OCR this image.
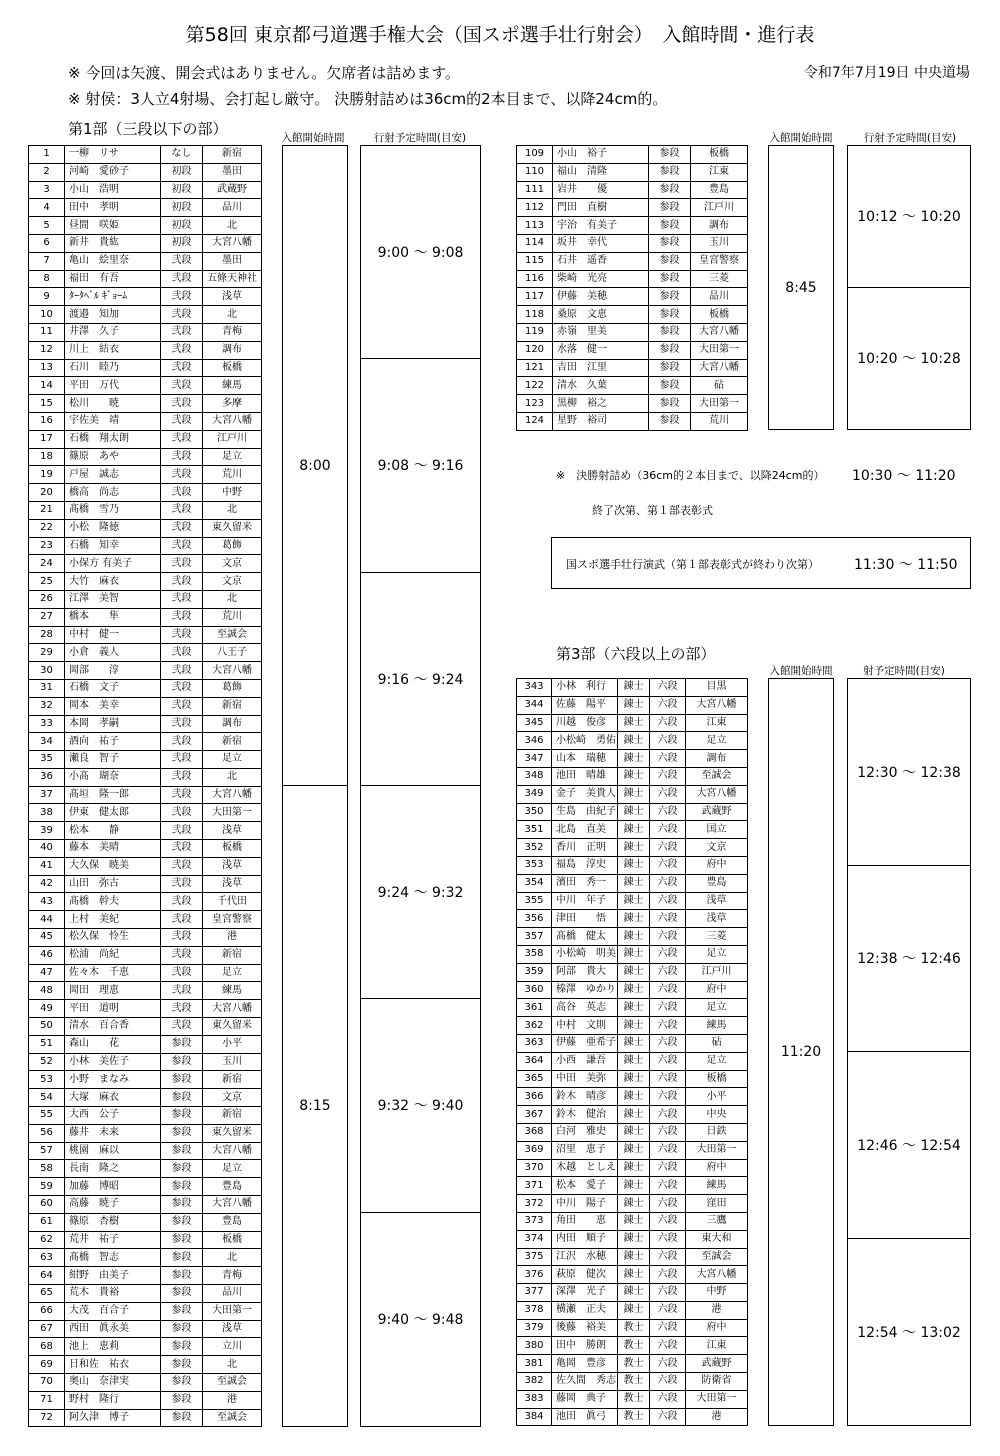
第58回 東京都弓道選手権大会（国スポ選手壮行射会）　入館時間・進行表
※ 今回は矢渡、開会式はありません。欠席者は詰めます。
※ 射侯：3人立4射場、会打起し厳守。 決勝射詰めは36cm的2本目まで、以降24cm的。
令和7年7月19日 中央道場
第1部（三段以下の部）	入館開始時間	行射予定時間(目安)
1	一柳　リサ	なし	新宿
2	河崎　愛砂子	初段	墨田
3	小山　浩明	初段	武蔵野
4	田中　孝明	初段	品川
5	昼間　咲姫	初段	北
6	新井　貴紘	初段	大宮八幡
7	亀山　絵里奈	弐段	墨田
8	福田　有吾	弐段	五條天神社
9	ﾀｰﾀﾍﾞﾙ ｷﾞｮｰﾑ	弐段	浅草
10	渡邉　知加	弐段	北
11	井澤　久子	弐段	青梅
12	川上　結衣	弐段	調布
13	石川　睦乃	弐段	板橋
14	平田　万代	弐段	練馬
15	松川　　暁	弐段	多摩
16	宇佐美　靖	弐段	大宮八幡
17	石橋　翔太朗	弐段	江戸川
18	篠原　あや	弐段	足立
19	戸屋　誠志	弐段	荒川
20	橋高　尚志	弐段	中野
21	髙橋　雪乃	弐段	北
22	小松　隆徳	弐段	東久留米
23	石橋　知幸	弐段	葛飾
24	小保方 有美子	弐段	文京
25	大竹　麻衣	弐段	文京
26	江澤　美智	弐段	北
27	橋本　　隼	弐段	荒川
28	中村　健一	弐段	至誠会
29	小倉　義人	弐段	八王子
30	岡部　　淳	弐段	大宮八幡
31	石橋　文子	弐段	葛飾
32	岡本　美幸	弐段	新宿
33	本岡　孝嗣	弐段	調布
34	酒向　祐子	弐段	新宿
35	瀬良　智子	弐段	足立
36	小髙　瑚奈	弐段	北
37	髙垣　隆一郎	弐段	大宮八幡
38	伊東　健太郎	弐段	大田第一
39	松本　　静	弐段	浅草
40	藤本　美晴	弐段	板橋
41	大久保　暁美	弐段	浅草
42	山田　弥古	弐段	浅草
43	髙橋　幹夫	弐段	千代田
44	上村　美紀	弐段	皇宮警察
45	松久保　怜生	弐段	港
46	松浦　尚紀	弐段	新宿
47	佐々木　千恵	弐段	足立
48	岡田　理恵	弐段	練馬
49	平田　道明	弐段	大宮八幡
50	清水　百合香	弐段	東久留米
51	森山　　花	参段	小平
52	小林　美佐子	参段	玉川
53	小野　まなみ	参段	新宿
54	大塚　麻衣	参段	文京
55	大西　公子	参段	新宿
56	藤井　未来	参段	東久留米
57	桃園　麻以	参段	大宮八幡
58	長南　隆之	参段	足立
59	加藤　博昭	参段	豊島
60	高藤　暁子	参段	大宮八幡
61	篠原　杏樹	参段	豊島
62	荒井　祐子	参段	板橋
63	髙橋　智志	参段	北
64	紺野　由美子	参段	青梅
65	荒木　貴裕	参段	品川
66	大茂　百合子	参段	大田第一
67	西田　眞永美	参段	浅草
68	池上　恵莉	参段	立川
69	日和佐　祐衣	参段	北
70	奥山　奈津実	参段	至誠会
71	野村　隆行	参段	港
72	阿久津　博子	参段	至誠会
8:00
8:15
9:00 ～ 9:08
9:08 ～ 9:16
9:16 ～ 9:24
9:24 ～ 9:32
9:32 ～ 9:40
9:40 ～ 9:48
109	小山　裕子	参段	板橋
110	福山　清隆	参段	江東
111	岩井　　優	参段	豊島
112	門田　直樹	参段	江戸川
113	宇治　有美子	参段	調布
114	坂井　幸代	参段	玉川
115	石井　遥香	参段	皇宮警察
116	柴崎　光亮	参段	三菱
117	伊藤　美穂	参段	品川
118	桑原　文恵	参段	板橋
119	赤嶺　里美	参段	大宮八幡
120	水落　健一	参段	大田第一
121	吉田　江里	参段	大宮八幡
122	清水　久葉	参段	砧
123	黒柳　裕之	参段	大田第一
124	星野　裕司	参段	荒川
入館開始時間	行射予定時間(目安)
8:45
10:12 ～ 10:20
10:20 ～ 10:28
※　決勝射詰め（36cm的２本目まで、以降24cm的） 10:30 ～ 11:20
終了次第、第１部表彰式
国スポ選手壮行演武（第１部表彰式が終わり次第）	11:30 ～ 11:50
第3部（六段以上の部）
入館開始時間	射予定時間(目安)
343	小林　利行	錬士	六段	目黒
344	佐藤　陽平	錬士	六段	大宮八幡
345	川越　俊彦	錬士	六段	江東
346	小松崎　勇佑	錬士	六段	足立
347	山本　瑞穂	錬士	六段	調布
348	池田　晴雄	錬士	六段	至誠会
349	金子　美貴人	錬士	六段	大宮八幡
350	生島　由紀子	錬士	六段	武蔵野
351	北島　直美	錬士	六段	国立
352	香川　正明	錬士	六段	文京
353	福島　淳史	錬士	六段	府中
354	濱田　秀一	錬士	六段	豊島
355	中川　年子	錬士	六段	浅草
356	津田　　悟	錬士	六段	浅草
357	髙橋　健太	錬士	六段	三菱
358	小松崎　明美	錬士	六段	足立
359	阿部　貴大	錬士	六段	江戸川
360	榛澤　ゆかり	錬士	六段	府中
361	高谷　英志	錬士	六段	足立
362	中村　文則	錬士	六段	練馬
363	伊藤　亜希子	錬士	六段	砧
364	小西　謙吾	錬士	六段	足立
365	中田　美弥	錬士	六段	板橋
366	鈴木　晴彦	錬士	六段	小平
367	鈴木　健治	錬士	六段	中央
368	白河　雅史	錬士	六段	日鉄
369	沼里　恵子	錬士	六段	大田第一
370	木越　としえ	錬士	六段	府中
371	松本　愛子	錬士	六段	練馬
372	中川　陽子	錬士	六段	窪田
373	角田　　恵	錬士	六段	三鷹
374	内田　順子	錬士	六段	東大和
375	江沢　水穂	錬士	六段	至誠会
376	萩原　健次	錬士	六段	大宮八幡
377	深澤　光子	錬士	六段	中野
378	横瀬　正夫	錬士	六段	港
379	後藤　裕美	教士	六段	府中
380	田中　勝朗	教士	六段	江東
381	亀岡　豊彦	教士	六段	武蔵野
382	佐久間　秀志	教士	六段	防衛省
383	藤岡　典子	教士	六段	大田第一
384	池田　眞弓	教士	六段	港
11:20
12:30 ～ 12:38
12:38 ～ 12:46
12:46 ～ 12:54
12:54 ～ 13:02
